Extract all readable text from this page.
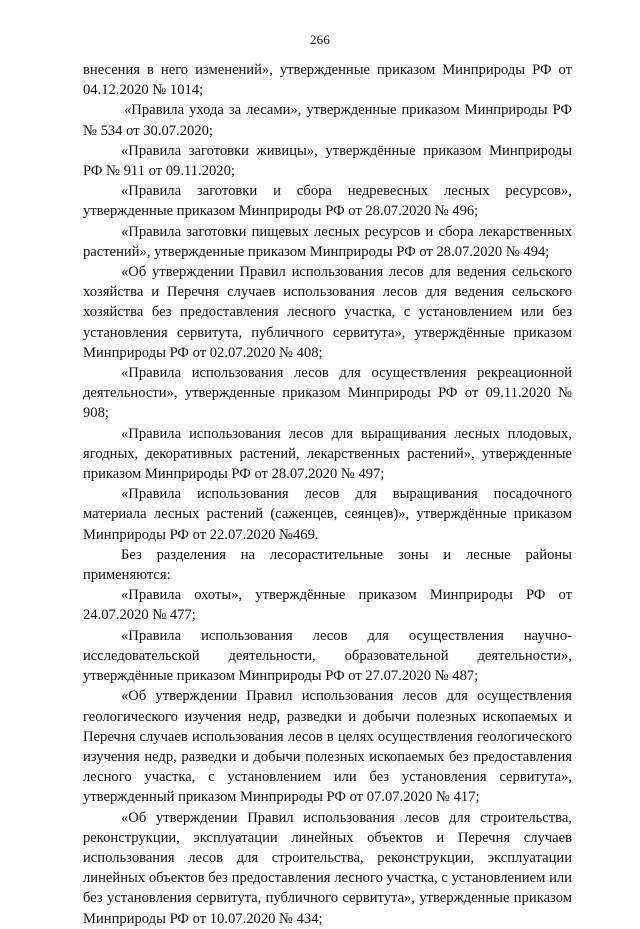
266

внесения в него изменений», утвержденные приказом Минприроды РФ от 04.12.2020 № 1014;

«Правила ухода за лесами», утвержденные приказом Минприроды РФ № 534 от 30.07.2020;

«Правила заготовки живицы», утверждённые приказом Минприроды РФ № 911 от 09.11.2020;

«Правила заготовки и сбора недревесных лесных ресурсов», утвержденные приказом Минприроды РФ от 28.07.2020 № 496;

«Правила заготовки пищевых лесных ресурсов и сбора лекарственных растений», утвержденные приказом Минприроды РФ от 28.07.2020 № 494;

«Об утверждении Правил использования лесов для ведения сельского хозяйства и Перечня случаев использования лесов для ведения сельского хозяйства без предоставления лесного участка, с установлением или без установления сервитута, публичного сервитута», утверждённые приказом Минприроды РФ от 02.07.2020 № 408;

«Правила использования лесов для осуществления рекреационной деятельности», утвержденные приказом Минприроды РФ от 09.11.2020 № 908;

«Правила использования лесов для выращивания лесных плодовых, ягодных, декоративных растений, лекарственных растений», утвержденные приказом Минприроды РФ от 28.07.2020 № 497;

«Правила использования лесов для выращивания посадочного материала лесных растений (саженцев, сеянцев)», утверждённые приказом Минприроды РФ от 22.07.2020 №469.

Без разделения на лесорастительные зоны и лесные районы применяются:

«Правила охоты», утверждённые приказом Минприроды РФ от 24.07.2020 № 477;

«Правила использования лесов для осуществления научно-исследовательской деятельности, образовательной деятельности», утверждённые приказом Минприроды РФ от 27.07.2020 № 487;

«Об утверждении Правил использования лесов для осуществления геологического изучения недр, разведки и добычи полезных ископаемых и Перечня случаев использования лесов в целях осуществления геологического изучения недр, разведки и добычи полезных ископаемых без предоставления лесного участка, с установлением или без установления сервитута», утвержденный приказом Минприроды РФ от 07.07.2020 № 417;

«Об утверждении Правил использования лесов для строительства, реконструкции, эксплуатации линейных объектов и Перечня случаев использования лесов для строительства, реконструкции, эксплуатации линейных объектов без предоставления лесного участка, с установлением или без установления сервитута, публичного сервитута», утвержденные приказом Минприроды РФ от 10.07.2020 № 434;
